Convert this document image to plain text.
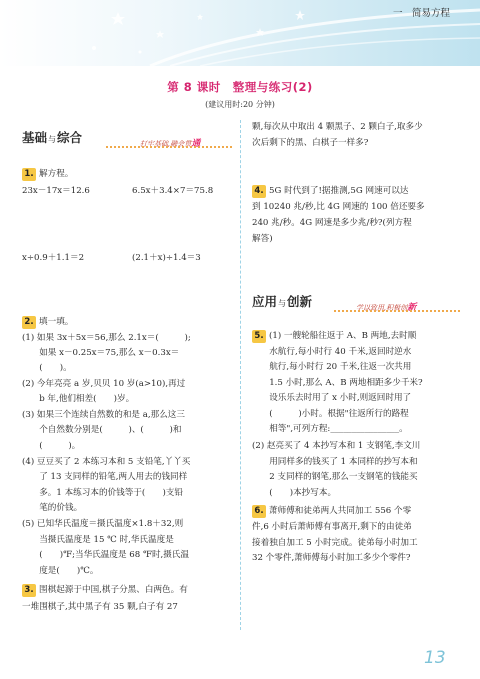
一　简易方程
第 8 课时　整理与练习(2)
(建议用时:20 分钟)
基础与综合	打牢基础,融会贯通
1. 解方程。
23x－17x＝12.6	6.5x＋3.4×7＝75.8
x÷0.9＋1.1＝2	(2.1＋x)÷1.4＝3
2. 填一填。
(1) 如果 3x＋5x＝56,那么 2.1x＝(　　　);
　　如果 x－0.25x＝75,那么 x－0.3x＝
　　(　　)。
(2) 今年亮亮 a 岁,贝贝 10 岁(a>10),再过
　　b 年,他们相差(　　)岁。
(3) 如果三个连续自然数的和是 a,那么这三
　　个自然数分别是(　　　)、(　　　)和
　　(　　　)。
(4) 豆豆买了 2 本练习本和 5 支铅笔,丫丫买
　　了 13 支同样的铅笔,两人用去的钱同样
　　多。1 本练习本的价钱等于(　　)支铅
　　笔的价钱。
(5) 已知华氏温度＝摄氏温度×1.8＋32,则
　　当摄氏温度是 15 ℃ 时,华氏温度是
　　(　　)℉;当华氏温度是 68 ℉时,摄氏温
　　度是(　　)℃。
3. 围棋起源于中国,棋子分黑、白两色。有
一堆围棋子,其中黑子有 35 颗,白子有 27
颗,每次从中取出 4 颗黑子、2 颗白子,取多少
次后剩下的黑、白棋子一样多?
4. 5G 时代到了!据推测,5G 网速可以达
到 10240 兆/秒,比 4G 网速的 100 倍还要多
240 兆/秒。4G 网速是多少兆/秒?(列方程
解答)
应用与创新	学以致用,积极创新
5. (1) 一艘轮船往返于 A、B 两地,去时顺
　　水航行,每小时行 40 千米,返回时逆水
　　航行,每小时行 20 千米,往返一次共用
　　1.5 小时,那么 A、B 两地相距多少千米?
　　设乐乐去时用了 x 小时,则返回时用了
　　(　　　)小时。根据"往返所行的路程
　　相等",可列方程:________________。
(2) 赵亮买了 4 本抄写本和 1 支钢笔,李文川
　　用同样多的钱买了 1 本同样的抄写本和
　　2 支同样的钢笔,那么一支钢笔的钱能买
　　(　　)本抄写本。
6. 萧师傅和徒弟两人共同加工 556 个零
件,6 小时后萧师傅有事离开,剩下的由徒弟
接着独自加工 5 小时完成。徒弟每小时加工
32 个零件,萧师傅每小时加工多少个零件?
13
